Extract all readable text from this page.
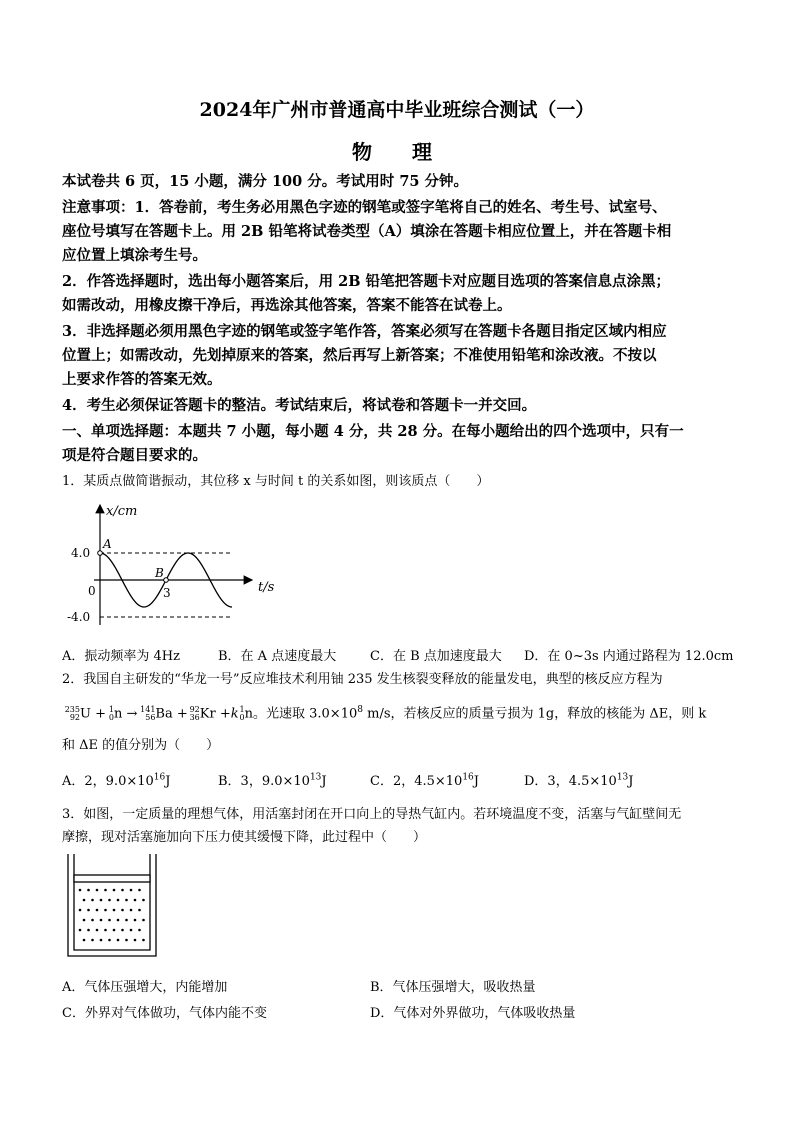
2024年广州市普通高中毕业班综合测试（一）
物　理
本试卷共 6 页，15 小题，满分 100 分。考试用时 75 分钟。
注意事项：1．答卷前，考生务必用黑色字迹的钢笔或签字笔将自己的姓名、考生号、试室号、
座位号填写在答题卡上。用 2B 铅笔将试卷类型（A）填涂在答题卡相应位置上，并在答题卡相
应位置上填涂考生号。
2．作答选择题时，选出每小题答案后，用 2B 铅笔把答题卡对应题目选项的答案信息点涂黑；
如需改动，用橡皮擦干净后，再选涂其他答案，答案不能答在试卷上。
3．非选择题必须用黑色字迹的钢笔或签字笔作答，答案必须写在答题卡各题目指定区域内相应
位置上；如需改动，先划掉原来的答案，然后再写上新答案；不准使用铅笔和涂改液。不按以
上要求作答的答案无效。
4．考生必须保证答题卡的整洁。考试结束后，将试卷和答题卡一并交回。
一、单项选择题：本题共 7 小题，每小题 4 分，共 28 分。在每小题给出的四个选项中，只有一
项是符合题目要求的。
1．某质点做简谐振动，其位移 x 与时间 t 的关系如图，则该质点（　　）
x/cm
t/s
4.0
-4.0
0	3
A
B
A．振动频率为 4Hz	B．在 A 点速度最大	C．在 B 点加速度最大 D．在 0~3s 内通过路程为 12.0cm
2．我国自主研发的“华龙一号”反应堆技术利用铀 235 发生核裂变释放的能量发电，典型的核反应方程为
235
92 U + 1
0 n → 141
56 Ba + 92
36 Kr +k 1
0 n。光速取 $3.0\times 10^8$ m/s，若核反应的质量亏损为 1g，释放的核能为 ΔE，则 k
和 ΔE 的值分别为（　　）
A．2，$9.0\times 10^{16}J$	B．3，$9.0\times 10^{13}J$	C．2，$4.5\times 10^{16}J$	D．3，$4.5\times 10^{13}J$
3．如图，一定质量的理想气体，用活塞封闭在开口向上的导热气缸内。若环境温度不变，活塞与气缸壁间无
摩擦，现对活塞施加向下压力使其缓慢下降，此过程中（　　）
A．气体压强增大，内能增加	B．气体压强增大，吸收热量
C．外界对气体做功，气体内能不变	D．气体对外界做功，气体吸收热量
